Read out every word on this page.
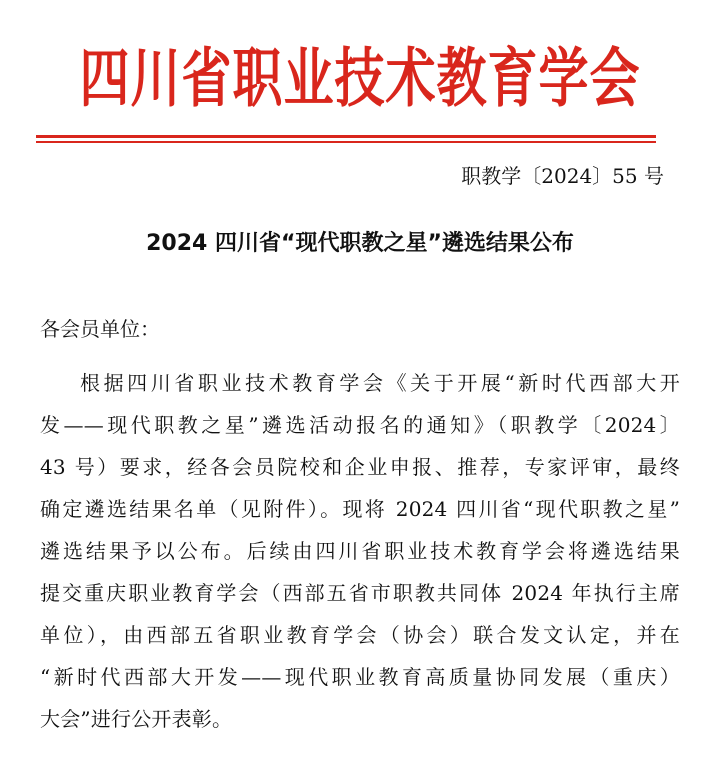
四川省职业技术教育学会
职教学〔2024〕55 号
2024 四川省“现代职教之星”遴选结果公布
各会员单位：
根据四川省职业技术教育学会《关于开展“新时代西部大开
发——现代职教之星”遴选活动报名的通知》（职教学〔2024〕
43 号）要求，经各会员院校和企业申报、推荐，专家评审，最终
确定遴选结果名单（见附件）。现将 2024 四川省“现代职教之星”
遴选结果予以公布。后续由四川省职业技术教育学会将遴选结果
提交重庆职业教育学会（西部五省市职教共同体 2024 年执行主席
单位），由西部五省职业教育学会（协会）联合发文认定，并在
“新时代西部大开发——现代职业教育高质量协同发展（重庆）
大会”进行公开表彰。
